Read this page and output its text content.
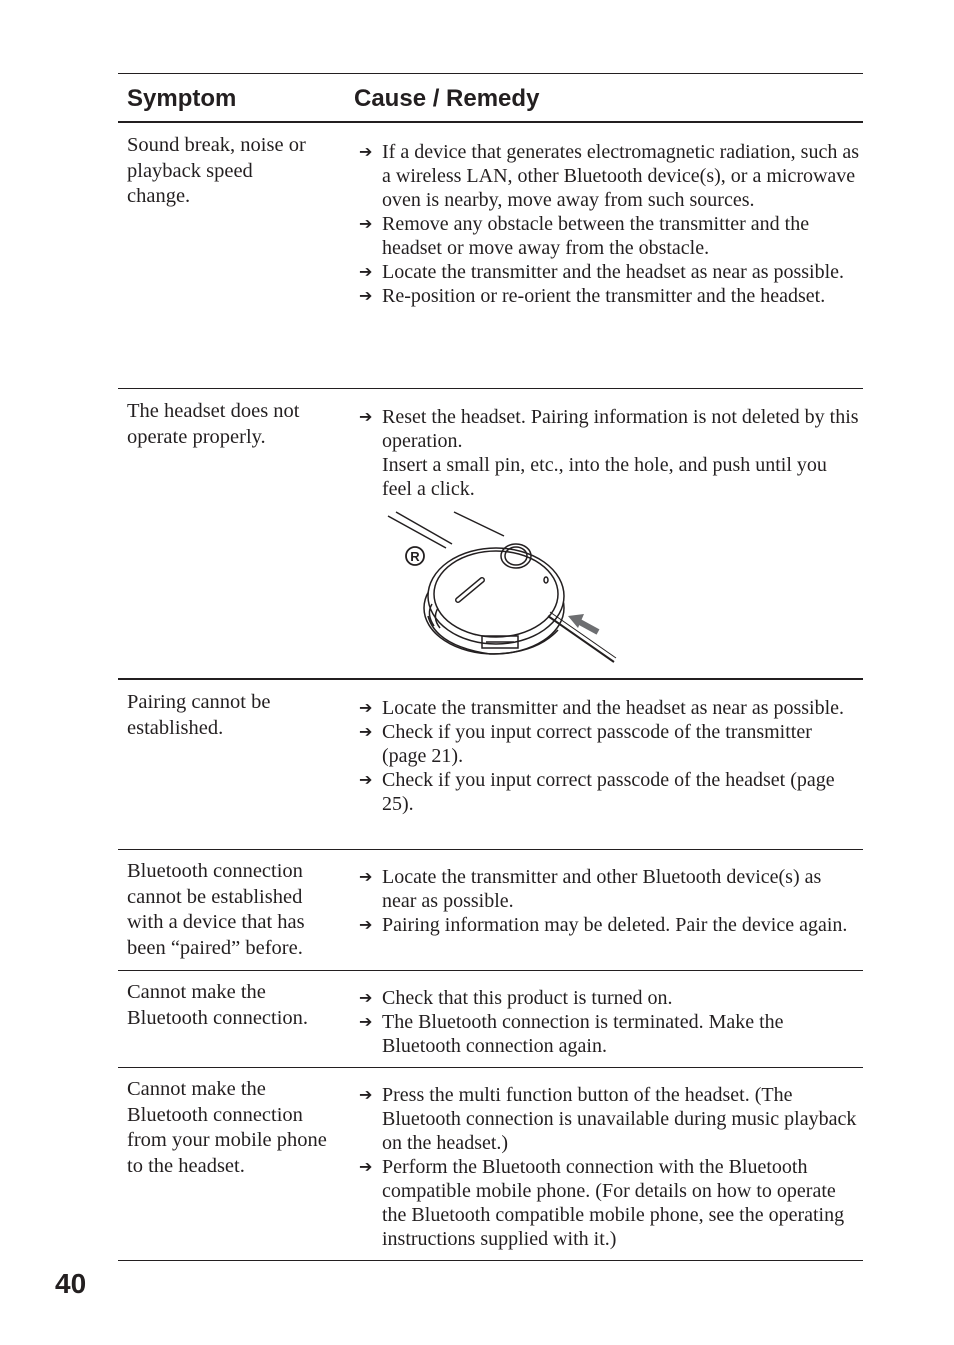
Symptom	Cause / Remedy
Sound break, noise or playback speed change.
➔ If a device that generates electromagnetic radiation, such as a wireless LAN, other Bluetooth device(s), or a microwave oven is nearby, move away from such sources.
➔ Remove any obstacle between the transmitter and the headset or move away from the obstacle.
➔ Locate the transmitter and the headset as near as possible.
➔ Re-position or re-orient the transmitter and the headset.
The headset does not operate properly.
➔ Reset the headset. Pairing information is not deleted by this operation.
Insert a small pin, etc., into the hole, and push until you feel a click.
Pairing cannot be established.
➔ Locate the transmitter and the headset as near as possible.
➔ Check if you input correct passcode of the transmitter (page 21).
➔ Check if you input correct passcode of the headset (page 25).
Bluetooth connection cannot be established with a device that has been “paired” before.
➔ Locate the transmitter and other Bluetooth device(s) as near as possible.
➔ Pairing information may be deleted. Pair the device again.
Cannot make the Bluetooth connection.
➔ Check that this product is turned on.
➔ The Bluetooth connection is terminated. Make the Bluetooth connection again.
Cannot make the Bluetooth connection from your mobile phone to the headset.
➔ Press the multi function button of the headset. (The Bluetooth connection is unavailable during music playback on the headset.)
➔ Perform the Bluetooth connection with the Bluetooth compatible mobile phone. (For details on how to operate the Bluetooth compatible mobile phone, see the operating instructions supplied with it.)
R
40
